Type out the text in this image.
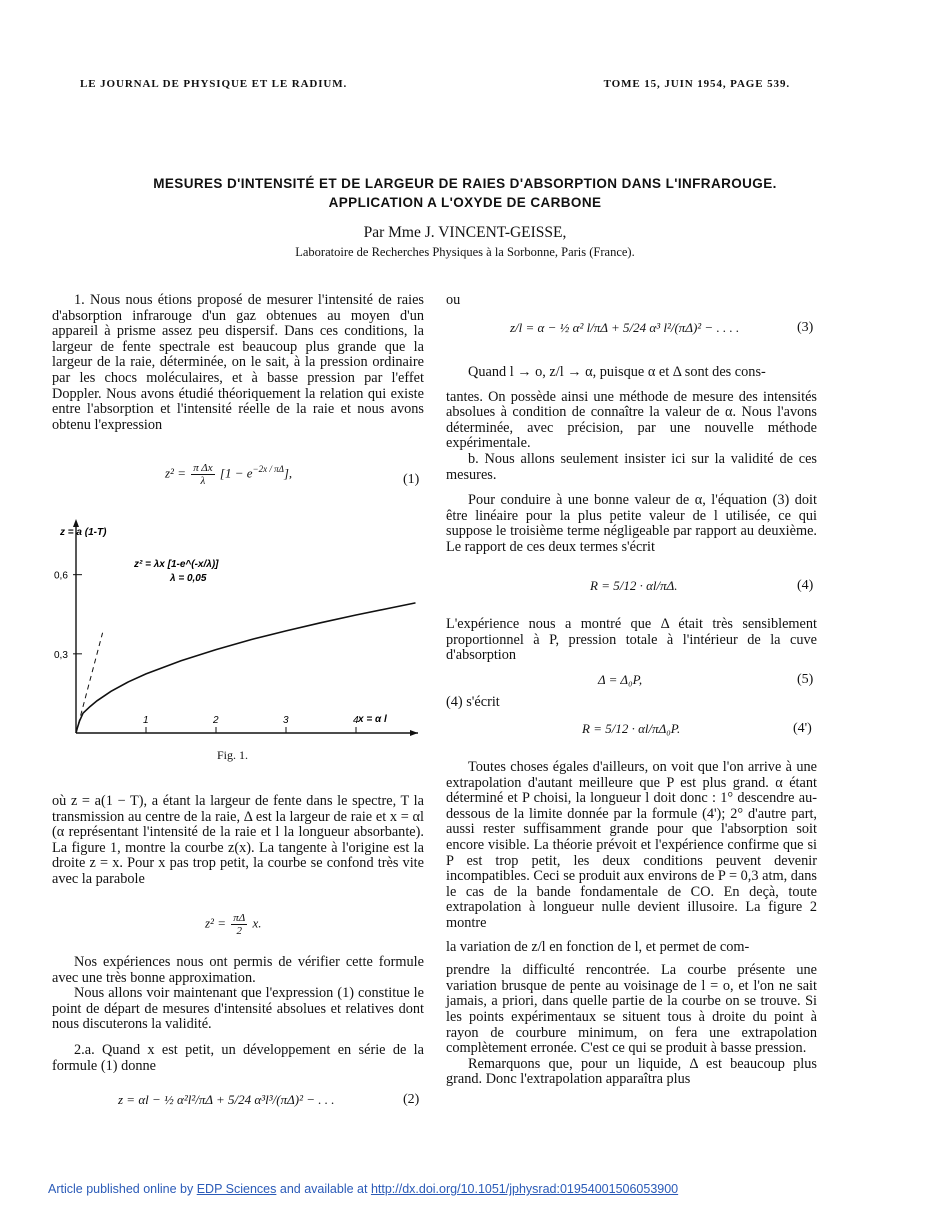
LE JOURNAL DE PHYSIQUE ET LE RADIUM.	TOME 15, JUIN 1954, PAGE 539.
MESURES D'INTENSITÉ ET DE LARGEUR DE RAIES D'ABSORPTION DANS L'INFRAROUGE.
APPLICATION A L'OXYDE DE CARBONE
Par Mme J. VINCENT-GEISSE,
Laboratoire de Recherches Physiques à la Sorbonne, Paris (France).

1. Nous nous étions proposé de mesurer l'intensité de raies d'absorption infrarouge d'un gaz obtenues au moyen d'un appareil à prisme assez peu dispersif. Dans ces conditions, la largeur de fente spectrale est beaucoup plus grande que la largeur de la raie, déterminée, on le sait, à la pression ordinaire par les chocs moléculaires, et à basse pression par l'effet Doppler. Nous avons étudié théoriquement la relation qui existe entre l'absorption et l'intensité réelle de la raie et nous avons obtenu l'expression

$z^2 = \frac{\text{π Δx}}{\lambda} [1 - e^{-2x / \pi\Delta}]$,	(1)
1	2	3	4
0,3
0,6
z = a (1-T)
z² = λx [1-e^(-x/λ)]
λ = 0,05
x = α l
Fig. 1.

où z = a(1 − T), a étant la largeur de fente dans le spectre, T la transmission au centre de la raie, Δ est la largeur de raie et x = αl (α représentant l'intensité de la raie et l la longueur absorbante). La figure 1, montre la courbe z(x). La tangente à l'origine est la droite z = x. Pour x pas trop petit, la courbe se confond très vite avec la parabole

$z^2 = \frac{\pi\Delta}{2} x$.

Nos expériences nous ont permis de vérifier cette formule avec une très bonne approximation.

Nous allons voir maintenant que l'expression (1) constitue le point de départ de mesures d'intensité absolues et relatives dont nous discuterons la validité.

2.a. Quand x est petit, un développement en série de la formule (1) donne

z = αl − ½ α²l²/πΔ + 5/24 α³l³/(πΔ)² − . . .	(2)
ou
z/l = α − ½ α² l/πΔ + 5/24 α³ l²/(πΔ)² − . . . .	(3)

Quand l → o, z/l → α, puisque α et Δ sont des cons-

tantes. On possède ainsi une méthode de mesure des intensités absolues à condition de connaître la valeur de α. Nous l'avons déterminée, avec précision, par une nouvelle méthode expérimentale.

b. Nous allons seulement insister ici sur la validité de ces mesures.

Pour conduire à une bonne valeur de α, l'équation (3) doit être linéaire pour la plus petite valeur de l utilisée, ce qui suppose le troisième terme négligeable par rapport au deuxième. Le rapport de ces deux termes s'écrit

R = 5/12 · αl/πΔ.	(4)

L'expérience nous a montré que Δ était très sensiblement proportionnel à P, pression totale à l'intérieur de la cuve d'absorption

Δ = Δ₀P,	(5)
(4) s'écrit
R = 5/12 · αl/πΔ₀P.	(4')

Toutes choses égales d'ailleurs, on voit que l'on arrive à une extrapolation d'autant meilleure que P est plus grand. α étant déterminé et P choisi, la longueur l doit donc : 1° descendre au-dessous de la limite donnée par la formule (4'); 2° d'autre part, aussi rester suffisamment grande pour que l'absorption soit encore visible. La théorie prévoit et l'expérience confirme que si P est trop petit, les deux conditions peuvent devenir incompatibles. Ceci se produit aux environs de P = 0,3 atm, dans le cas de la bande fondamentale de CO. En deçà, toute extrapolation à longueur nulle devient illusoire. La figure 2 montre

la variation de z/l en fonction de l, et permet de com-

prendre la difficulté rencontrée. La courbe présente une variation brusque de pente au voisinage de l = o, et l'on ne sait jamais, a priori, dans quelle partie de la courbe on se trouve. Si les points expérimentaux se situent tous à droite du point à rayon de courbure minimum, on fera une extrapolation complètement erronée. C'est ce qui se produit à basse pression.

Remarquons que, pour un liquide, Δ est beaucoup plus grand. Donc l'extrapolation apparaîtra plus

Article published online by EDP Sciences and available at http://dx.doi.org/10.1051/jphysrad:01954001506053900
